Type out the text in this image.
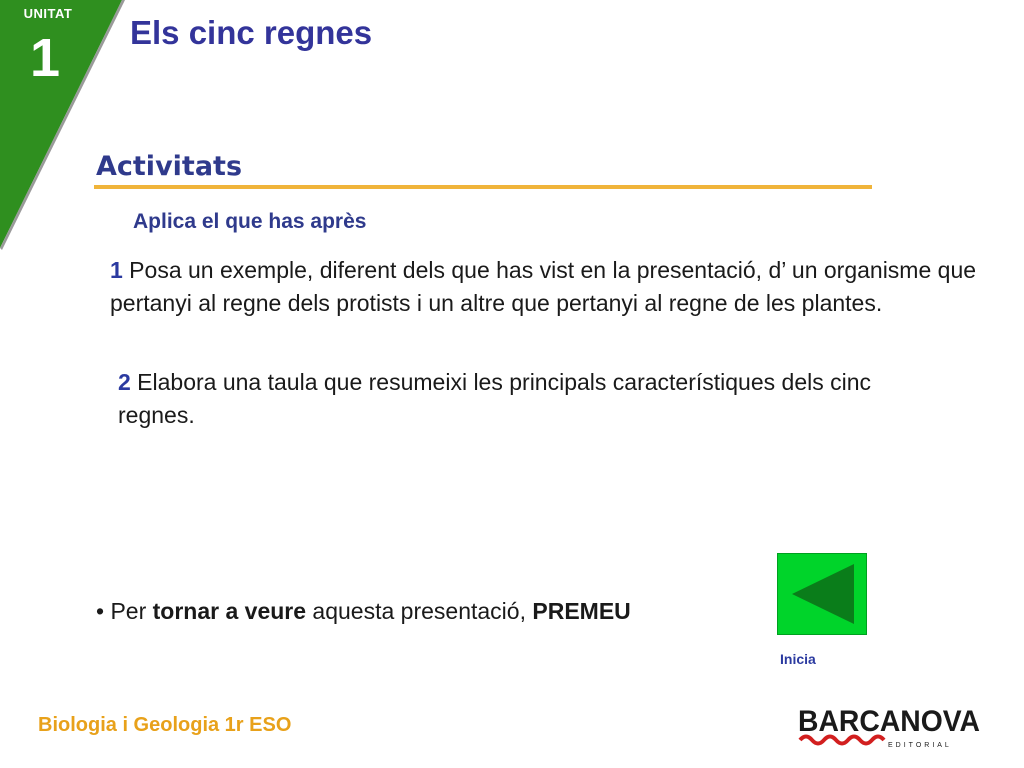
UNITAT
1	Els cinc regnes
Activitats
Aplica el que has après
1 Posa un exemple, diferent dels que has vist en la presentació, d’ un organisme que pertanyi al regne dels protists i un altre que pertanyi al regne de les plantes.
2 Elabora una taula que resumeixi les principals característiques dels cinc regnes.
• Per tornar a veure aquesta presentació, PREMEU
Inicia
Biologia i Geologia 1r ESO	BARCANOVA
EDITORIAL
